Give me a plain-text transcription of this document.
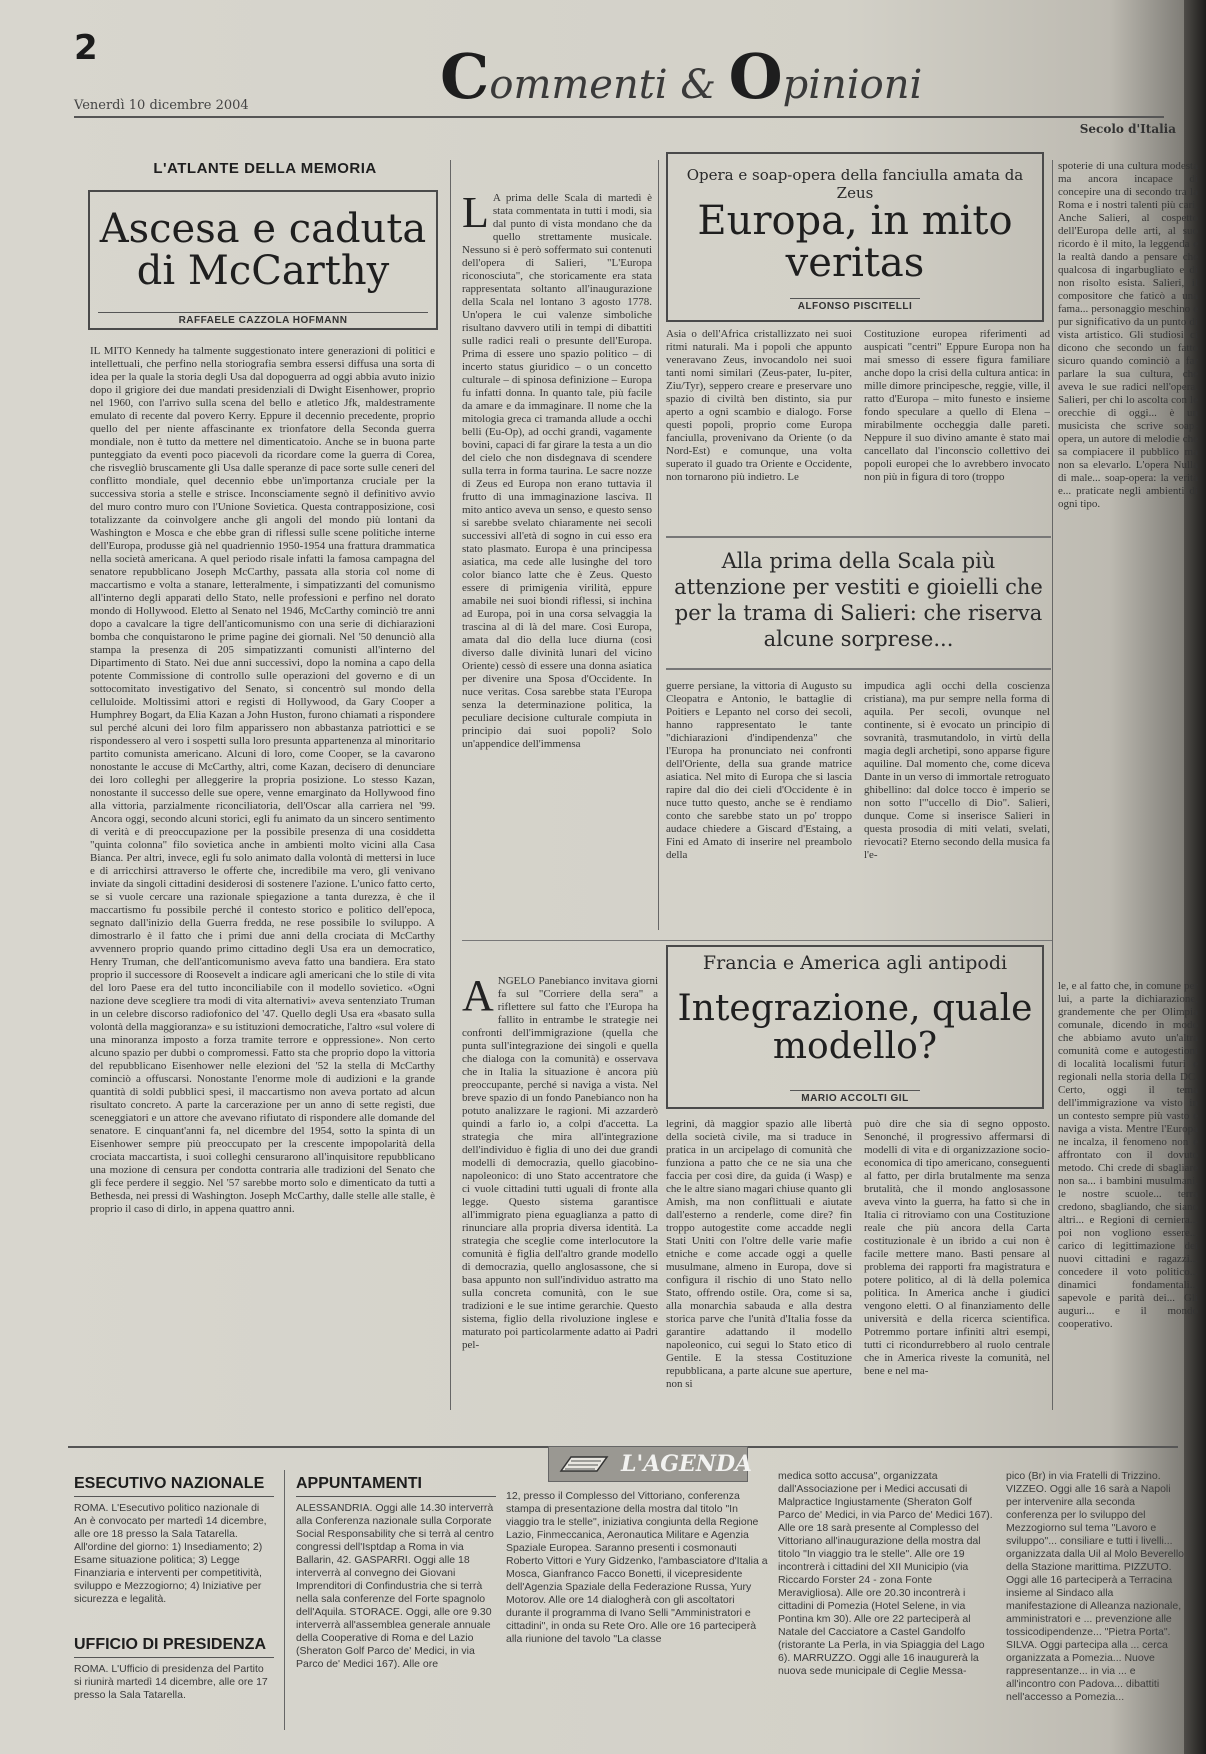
2	Commenti & Opinioni
Venerdì 10 dicembre 2004
Secolo d'Italia
L'ATLANTE DELLA MEMORIA
Ascesa e caduta di McCarthy
RAFFAELE CAZZOLA HOFMANN
IL MITO Kennedy ha talmente suggestionato intere generazioni di politici e intellettuali, che perfino nella storiografia sembra essersi diffusa una sorta di idea per la quale la storia degli Usa dal dopoguerra ad oggi abbia avuto inizio dopo il grigiore dei due mandati presidenziali di Dwight Eisenhower, proprio nel 1960, con l'arrivo sulla scena del bello e atletico Jfk, maldestramente emulato di recente dal povero Kerry. Eppure il decennio precedente, proprio quello del per niente affascinante ex trionfatore della Seconda guerra mondiale, non è tutto da mettere nel dimenticatoio. Anche se in buona parte punteggiato da eventi poco piacevoli da ricordare come la guerra di Corea, che risvegliò bruscamente gli Usa dalle speranze di pace sorte sulle ceneri del conflitto mondiale, quel decennio ebbe un'importanza cruciale per la successiva storia a stelle e strisce. Inconsciamente segnò il definitivo avvio del muro contro muro con l'Unione Sovietica. Questa contrapposizione, così totalizzante da coinvolgere anche gli angoli del mondo più lontani da Washington e Mosca e che ebbe gran di riflessi sulle scene politiche interne dell'Europa, produsse già nel quadriennio 1950-1954 una frattura drammatica nella società americana. A quel periodo risale infatti la famosa campagna del senatore repubblicano Joseph McCarthy, passata alla storia col nome di maccartismo e volta a stanare, letteralmente, i simpatizzanti del comunismo all'interno degli apparati dello Stato, nelle professioni e perfino nel dorato mondo di Hollywood. Eletto al Senato nel 1946, McCarthy cominciò tre anni dopo a cavalcare la tigre dell'anticomunismo con una serie di dichiarazioni bomba che conquistarono le prime pagine dei giornali. Nel '50 denunciò alla stampa la presenza di 205 simpatizzanti comunisti all'interno del Dipartimento di Stato. Nei due anni successivi, dopo la nomina a capo della potente Commissione di controllo sulle operazioni del governo e di un sottocomitato investigativo del Senato, si concentrò sul mondo della celluloide. Moltissimi attori e registi di Hollywood, da Gary Cooper a Humphrey Bogart, da Elia Kazan a John Huston, furono chiamati a rispondere sul perché alcuni dei loro film apparissero non abbastanza patriottici e se rispondessero al vero i sospetti sulla loro presunta appartenenza al minoritario partito comunista americano. Alcuni di loro, come Cooper, se la cavarono nonostante le accuse di McCarthy, altri, come Kazan, decisero di denunciare dei loro colleghi per alleggerire la propria posizione. Lo stesso Kazan, nonostante il successo delle sue opere, venne emarginato da Hollywood fino alla vittoria, parzialmente riconciliatoria, dell'Oscar alla carriera nel '99. Ancora oggi, secondo alcuni storici, egli fu animato da un sincero sentimento di verità e di preoccupazione per la possibile presenza di una cosiddetta "quinta colonna" filo sovietica anche in ambienti molto vicini alla Casa Bianca. Per altri, invece, egli fu solo animato dalla volontà di mettersi in luce e di arricchirsi attraverso le offerte che, incredibile ma vero, gli venivano inviate da singoli cittadini desiderosi di sostenere l'azione. L'unico fatto certo, se si vuole cercare una razionale spiegazione a tanta durezza, è che il maccartismo fu possibile perché il contesto storico e politico dell'epoca, segnato dall'inizio della Guerra fredda, ne rese possibile lo sviluppo. A dimostrarlo è il fatto che i primi due anni della crociata di McCarthy avvennero proprio quando primo cittadino degli Usa era un democratico, Henry Truman, che dell'anticomunismo aveva fatto una bandiera. Era stato proprio il successore di Roosevelt a indicare agli americani che lo stile di vita del loro Paese era del tutto inconciliabile con il modello sovietico. «Ogni nazione deve scegliere tra modi di vita alternativi» aveva sentenziato Truman in un celebre discorso radiofonico del '47. Quello degli Usa era «basato sulla volontà della maggioranza» e su istituzioni democratiche, l'altro «sul volere di una minoranza imposto a forza tramite terrore e oppressione». Non certo alcuno spazio per dubbi o compromessi. Fatto sta che proprio dopo la vittoria del repubblicano Eisenhower nelle elezioni del '52 la stella di McCarthy cominciò a offuscarsi. Nonostante l'enorme mole di audizioni e la grande quantità di soldi pubblici spesi, il maccartismo non aveva portato ad alcun risultato concreto. A parte la carcerazione per un anno di sette registi, due sceneggiatori e un attore che avevano rifiutato di rispondere alle domande del senatore. E cinquant'anni fa, nel dicembre del 1954, sotto la spinta di un Eisenhower sempre più preoccupato per la crescente impopolarità della crociata maccartista, i suoi colleghi censurarono all'inquisitore repubblicano una mozione di censura per condotta contraria alle tradizioni del Senato che gli fece perdere il seggio. Nel '57 sarebbe morto solo e dimenticato da tutti a Bethesda, nei pressi di Washington. Joseph McCarthy, dalle stelle alle stalle, è proprio il caso di dirlo, in appena quattro anni.
L A prima delle Scala di martedì è stata commentata in tutti i modi, sia dal punto di vista mondano che da quello strettamente musicale. Nessuno si è però soffermato sui contenuti dell'opera di Salieri, "L'Europa riconosciuta", che storicamente era stata rappresentata soltanto all'inaugurazione della Scala nel lontano 3 agosto 1778. Un'opera le cui valenze simboliche risultano davvero utili in tempi di dibattiti sulle radici reali o presunte dell'Europa. Prima di essere uno spazio politico – di incerto status giuridico – o un concetto culturale – di spinosa definizione – Europa fu infatti donna. In quanto tale, più facile da amare e da immaginare. Il nome che la mitologia greca ci tramanda allude a occhi belli (Eu-Op), ad occhi grandi, vagamente bovini, capaci di far girare la testa a un dio del cielo che non disdegnava di scendere sulla terra in forma taurina. Le sacre nozze di Zeus ed Europa non erano tuttavia il frutto di una immaginazione lasciva. Il mito antico aveva un senso, e questo senso si sarebbe svelato chiaramente nei secoli successivi all'età di sogno in cui esso era stato plasmato. Europa è una principessa asiatica, ma cede alle lusinghe del toro color bianco latte che è Zeus. Questo essere di primigenia virilità, eppure amabile nei suoi biondi riflessi, si inchina ad Europa, poi in una corsa selvaggia la trascina al di là del mare. Così Europa, amata dal dio della luce diurna (così diverso dalle divinità lunari del vicino Oriente) cessò di essere una donna asiatica per divenire una Sposa d'Occidente. In nuce veritas. Cosa sarebbe stata l'Europa senza la determinazione politica, la peculiare decisione culturale compiuta in principio dai suoi popoli? Solo un'appendice dell'immensa
Opera e soap-opera della fanciulla amata da Zeus
Europa, in mito veritas
ALFONSO PISCITELLI
Asia o dell'Africa cristallizzato nei suoi ritmi naturali. Ma i popoli che appunto veneravano Zeus, invocandolo nei suoi tanti nomi similari (Zeus-pater, Iu-piter, Ziu/Tyr), seppero creare e preservare uno spazio di civiltà ben distinto, sia pur aperto a ogni scambio e dialogo. Forse questi popoli, proprio come Europa fanciulla, provenivano da Oriente (o da Nord-Est) e comunque, una volta superato il guado tra Oriente e Occidente, non tornarono più indietro. Le
Costituzione europea riferimenti ad auspicati "centri" Eppure Europa non ha mai smesso di essere figura familiare anche dopo la crisi della cultura antica: in mille dimore principesche, reggie, ville, il ratto d'Europa – mito funesto e insieme fondo speculare a quello di Elena – mirabilmente occheggia dalle pareti. Neppure il suo divino amante è stato mai cancellato dal l'inconscio collettivo dei popoli europei che lo avrebbero invocato non più in figura di toro (troppo
Alla prima della Scala più attenzione per vestiti e gioielli che per la trama di Salieri: che riserva alcune sorprese...
guerre persiane, la vittoria di Augusto su Cleopatra e Antonio, le battaglie di Poitiers e Lepanto nel corso dei secoli, hanno rappresentato le tante "dichiarazioni d'indipendenza" che l'Europa ha pronunciato nei confronti dell'Oriente, della sua grande matrice asiatica. Nel mito di Europa che si lascia rapire dal dio dei cieli d'Occidente è in nuce tutto questo, anche se è rendiamo conto che sarebbe stato un po' troppo audace chiedere a Giscard d'Estaing, a Fini ed Amato di inserire nel preambolo della
impudica agli occhi della coscienza cristiana), ma pur sempre nella forma di aquila. Per secoli, ovunque nel continente, si è evocato un principio di sovranità, trasmutandolo, in virtù della magia degli archetipi, sono apparse figure aquiline. Dal momento che, come diceva Dante in un verso di immortale retroguato ghibellino: dal dolce tocco è imperio se non sotto l'"uccello di Dio". Salieri, dunque. Come si inserisce Salieri in questa prosodia di miti velati, svelati, rievocati? Eterno secondo della musica fa l'e-
ANGELO Panebianco invitava giorni fa sul "Corriere della sera" a riflettere sul fatto che l'Europa ha fallito in entrambe le strategie nei confronti dell'immigrazione (quella che punta sull'integrazione dei singoli e quella che dialoga con la comunità) e osservava che in Italia la situazione è ancora più preoccupante, perché si naviga a vista. Nel breve spazio di un fondo Panebianco non ha potuto analizzare le ragioni. Mi azzarderò quindi a farlo io, a colpi d'accetta. La strategia che mira all'integrazione dell'individuo è figlia di uno dei due grandi modelli di democrazia, quello giacobino-napoleonico: di uno Stato accentratore che ci vuole cittadini tutti uguali di fronte alla legge. Questo sistema garantisce all'immigrato piena eguaglianza a patto di rinunciare alla propria diversa identità. La strategia che sceglie come interlocutore la comunità è figlia dell'altro grande modello di democrazia, quello anglosassone, che si basa appunto non sull'individuo astratto ma sulla concreta comunità, con le sue tradizioni e le sue intime gerarchie. Questo sistema, figlio della rivoluzione inglese e maturato poi particolarmente adatto ai Padri pel-
Francia e America agli antipodi
Integrazione, quale modello?
MARIO ACCOLTI GIL
legrini, dà maggior spazio alle libertà della società civile, ma si traduce in pratica in un arcipelago di comunità che funziona a patto che ce ne sia una che faccia per così dire, da guida (i Wasp) e che le altre siano magari chiuse quanto gli Amish, ma non conflittuali e aiutate dall'esterno a renderle, come dire? fin troppo autogestite come accadde negli Stati Uniti con l'oltre delle varie mafie etniche e come accade oggi a quelle musulmane, almeno in Europa, dove si configura il rischio di uno Stato nello Stato, offrendo ostile. Ora, come si sa, alla monarchia sabauda e alla destra storica parve che l'unità d'Italia fosse da garantire adattando il modello napoleonico, cui seguì lo Stato etico di Gentile. E la stessa Costituzione repubblicana, a parte alcune sue aperture, non si
può dire che sia di segno opposto. Senonché, il progressivo affermarsi di modelli di vita e di organizzazione socio-economica di tipo americano, conseguenti al fatto, per dirla brutalmente ma senza brutalità, che il mondo anglosassone aveva vinto la guerra, ha fatto sì che in Italia ci ritroviamo con una Costituzione reale che più ancora della Carta costituzionale è un ibrido a cui non è facile mettere mano. Basti pensare al problema dei rapporti fra magistratura e potere politico, al di là della polemica politica. In America anche i giudici vengono eletti. O al finanziamento delle università e della ricerca scientifica. Potremmo portare infiniti altri esempi, tutti ci ricondurrebbero al ruolo centrale che in America riveste la comunità, nel bene e nel ma-
spoterie di una cultura modesta ma ancora incapace di concepire una di secondo tra la Roma e i nostri talenti più cari. Anche Salieri, al cospetto dell'Europa delle arti, al suo ricordo è il mito, la leggenda e la realtà dando a pensare che qualcosa di ingarbugliato e di non risolto esista. Salieri, il compositore che faticò a una fama... personaggio meschino e pur significativo da un punto di vista artistico. Gli studiosi ci dicono che secondo un fatto sicuro quando cominciò a far parlare la sua cultura, che aveva le sue radici nell'opera. Salieri, per chi lo ascolta con le orecchie di oggi... è un musicista che scrive soap-opera, un autore di melodie che sa compiacere il pubblico ma non sa elevarlo. L'opera Nulla di male... soap-opera: la verità e... praticate negli ambienti di ogni tipo.
le, e al fatto che, in comune per lui, a parte la dichiarazione, grandemente che per Olimpia comunale, dicendo in modo che abbiamo avuto un'altra comunità come e autogestioni di località localismi futuri e regionali nella storia della DC. Certo, oggi il tema dell'immigrazione va visto in un contesto sempre più vasto e naviga a vista. Mentre l'Europa ne incalza, il fenomeno non è affrontato con il dovuto metodo. Chi crede di sbagliare non sa... i bambini musulmani, le nostre scuole... terra credono, sbagliando, che siano altri... e Regioni di cerniera... poi non vogliono essere... carico di legittimazione dei nuovi cittadini e ragazzi... concedere il voto politico... dinamici fondamentali... sapevole e parità dei... Gli auguri... e il mondo cooperativo.
L'AGENDA
ESECUTIVO NAZIONALE
ROMA. L'Esecutivo politico nazionale di An è convocato per martedì 14 dicembre, alle ore 18 presso la Sala Tatarella. All'ordine del giorno: 1) Insediamento; 2) Esame situazione politica; 3) Legge Finanziaria e interventi per competitività, sviluppo e Mezzogiorno; 4) Iniziative per sicurezza e legalità.
UFFICIO DI PRESIDENZA
ROMA. L'Ufficio di presidenza del Partito si riunirà martedì 14 dicembre, alle ore 17 presso la Sala Tatarella.
APPUNTAMENTI
ALESSANDRIA. Oggi alle 14.30 interverrà alla Conferenza nazionale sulla Corporate Social Responsability che si terrà al centro congressi dell'Isptdap a Roma in via Ballarin, 42. GASPARRI. Oggi alle 18 interverrà al convegno dei Giovani Imprenditori di Confindustria che si terrà nella sala conferenze del Forte spagnolo dell'Aquila. STORACE. Oggi, alle ore 9.30 interverrà all'assemblea generale annuale della Cooperative di Roma e del Lazio (Sheraton Golf Parco de' Medici, in via Parco de' Medici 167). Alle ore
12, presso il Complesso del Vittoriano, conferenza stampa di presentazione della mostra dal titolo "In viaggio tra le stelle", iniziativa congiunta della Regione Lazio, Finmeccanica, Aeronautica Militare e Agenzia Spaziale Europea. Saranno presenti i cosmonauti Roberto Vittori e Yury Gidzenko, l'ambasciatore d'Italia a Mosca, Gianfranco Facco Bonetti, il vicepresidente dell'Agenzia Spaziale della Federazione Russa, Yury Motorov. Alle ore 14 dialogherà con gli ascoltatori durante il programma di Ivano Selli "Amministratori e cittadini", in onda su Rete Oro. Alle ore 16 parteciperà alla riunione del tavolo "La classe
medica sotto accusa", organizzata dall'Associazione per i Medici accusati di Malpractice Ingiustamente (Sheraton Golf Parco de' Medici, in via Parco de' Medici 167). Alle ore 18 sarà presente al Complesso del Vittoriano all'inaugurazione della mostra dal titolo "In viaggio tra le stelle". Alle ore 19 incontrerà i cittadini del XII Municipio (via Riccardo Forster 24 - zona Fonte Meravigliosa). Alle ore 20.30 incontrerà i cittadini di Pomezia (Hotel Selene, in via Pontina km 30). Alle ore 22 parteciperà al Natale del Cacciatore a Castel Gandolfo (ristorante La Perla, in via Spiaggia del Lago 6). MARRUZZO. Oggi alle 16 inaugurerà la nuova sede municipale di Ceglie Messa-
pico (Br) in via Fratelli di Trizzino. VIZZEO. Oggi alle 16 sarà a Napoli per intervenire alla seconda conferenza per lo sviluppo del Mezzogiorno sul tema "Lavoro e sviluppo"... consiliare e tutti i livelli... organizzata dalla Uil al Molo Beverello della Stazione marittima. PIZZUTO. Oggi alle 16 parteciperà a Terracina insieme al Sindaco alla manifestazione di Alleanza nazionale, amministratori e ... prevenzione alle tossicodipendenze... "Pietra Porta". SILVA. Oggi partecipa alla ... cerca organizzata a Pomezia... Nuove rappresentanze... in via ... e all'incontro con Padova... dibattiti nell'accesso a Pomezia...
